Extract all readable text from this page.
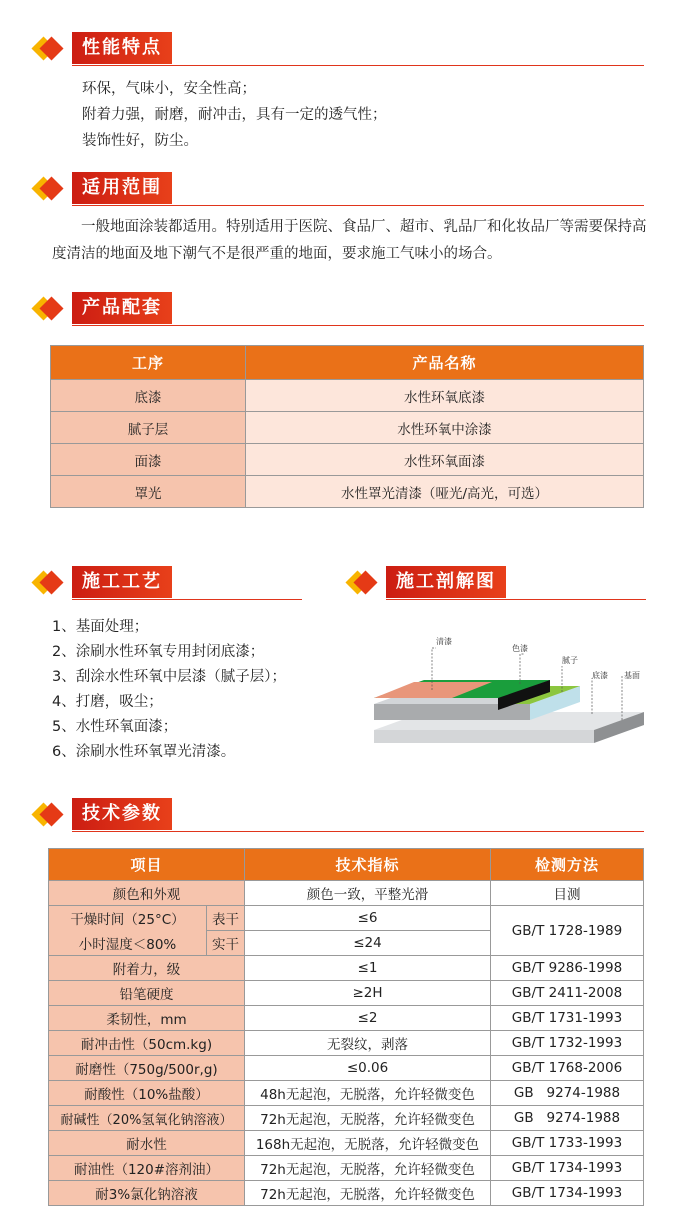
性能特点
环保，气味小，安全性高；
附着力强，耐磨，耐冲击，具有一定的透气性；
装饰性好，防尘。
适用范围
一般地面涂装都适用。特别适用于医院、食品厂、超市、乳品厂和化妆品厂等需要保持高度清洁的地面及地下潮气不是很严重的地面，要求施工气味小的场合。
产品配套
工序	产品名称
底漆	水性环氧底漆
腻子层	水性环氧中涂漆
面漆	水性环氧面漆
罩光	水性罩光清漆（哑光/高光，可选）
施工工艺
1、基面处理；
2、涂刷水性环氧专用封闭底漆；
3、刮涂水性环氧中层漆（腻子层）；
4、打磨，吸尘；
5、水性环氧面漆；
6、涂刷水性环氧罩光清漆。
施工剖解图
清漆
色漆
腻子
底漆 基面
技术参数
项目		技术指标	检测方法
颜色和外观		颜色一致，平整光滑	目测
干燥时间（25°C）	表干	≤6	GB/T 1728-1989
小时湿度＜80%	实干	≤24	
附着力，级		≤1	GB/T 9286-1998
铅笔硬度		≥2H	GB/T 2411-2008
柔韧性，mm		≤2	GB/T 1731-1993
耐冲击性（50cm.kg)		无裂纹，剥落	GB/T 1732-1993
耐磨性（750g/500r,g)		≤0.06	GB/T 1768-2006
耐酸性（10%盐酸）		48h无起泡，无脱落，允许轻微变色	GB   9274-1988
耐碱性（20%氢氧化钠溶液）		72h无起泡，无脱落，允许轻微变色	GB   9274-1988
耐水性		168h无起泡，无脱落，允许轻微变色	GB/T 1733-1993
耐油性（120#溶剂油）		72h无起泡，无脱落，允许轻微变色	GB/T 1734-1993
耐3%氯化钠溶液		72h无起泡，无脱落，允许轻微变色	GB/T 1734-1993
